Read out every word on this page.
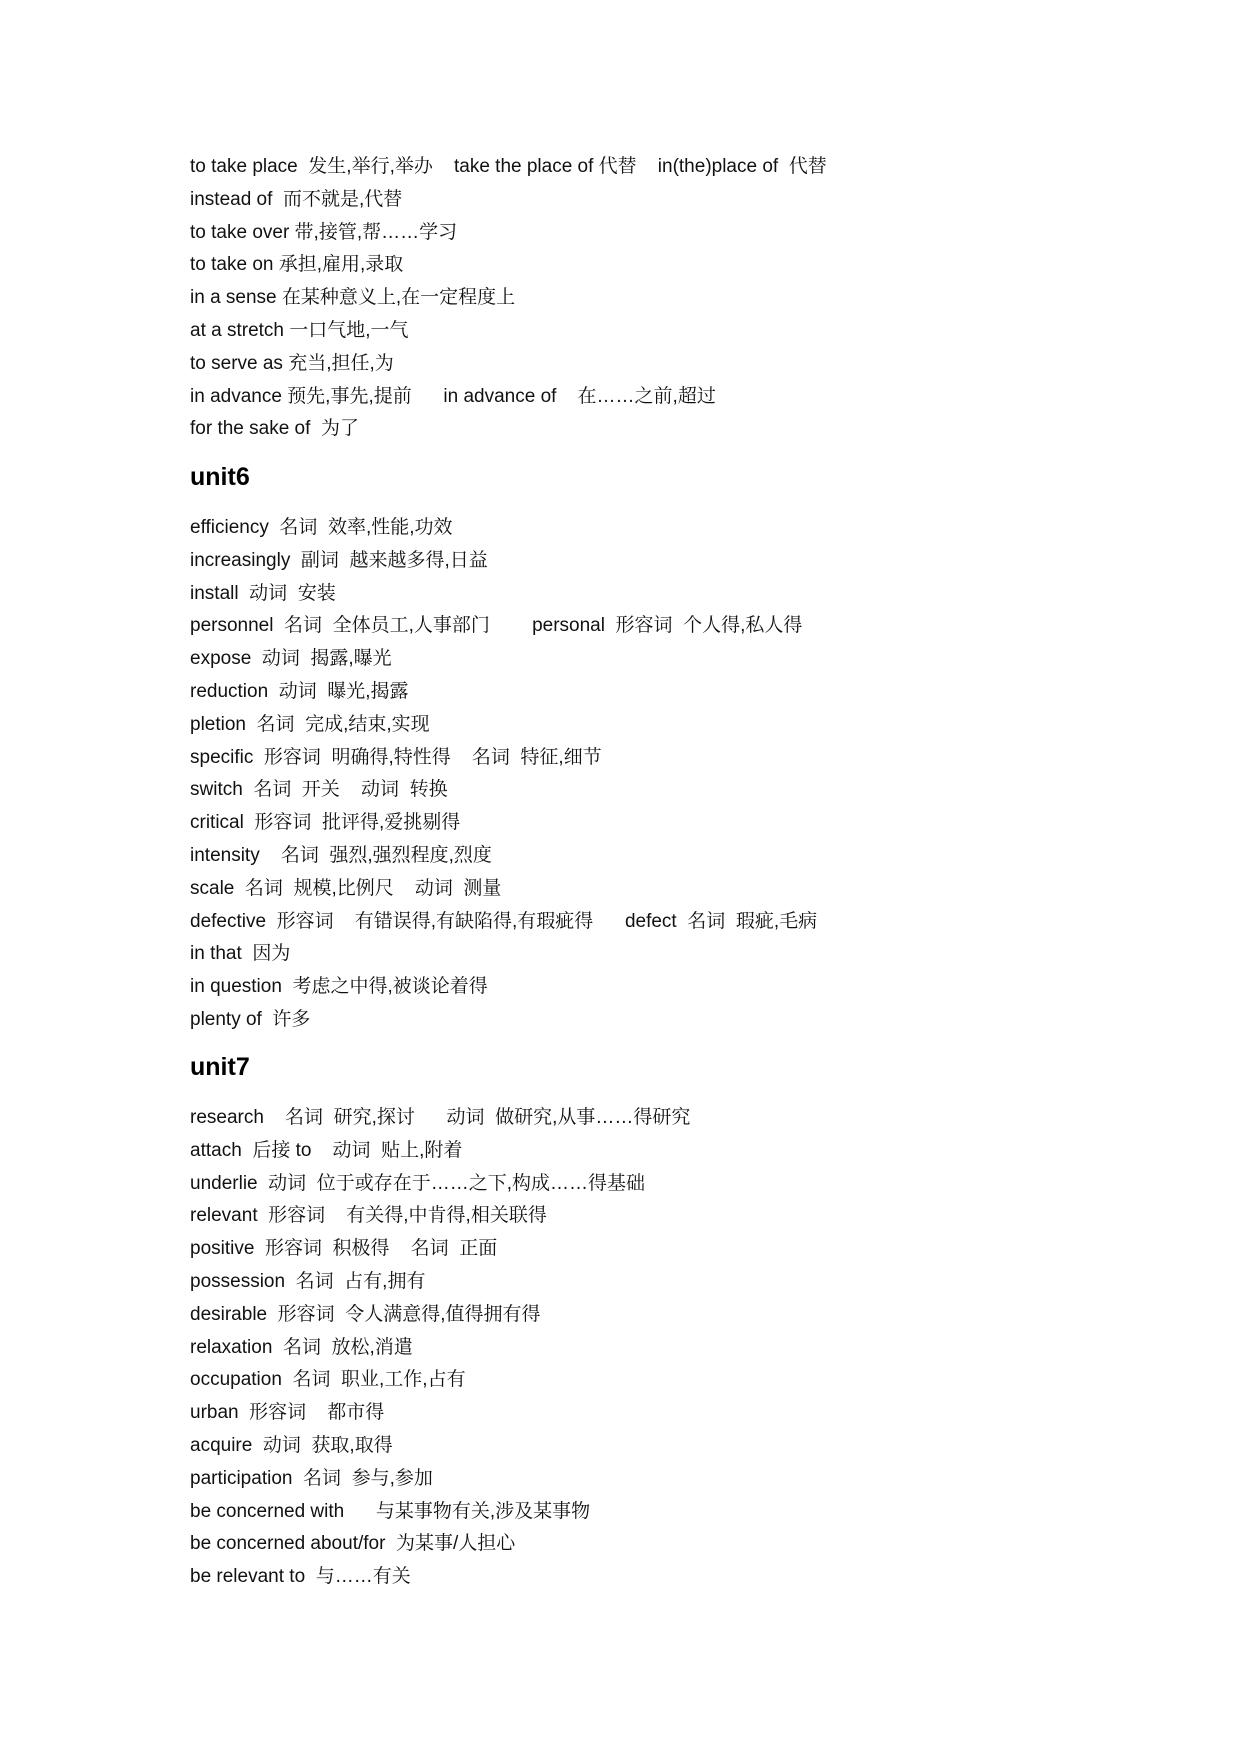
to take place  发生,举行,举办    take the place of 代替    in(the)place of  代替
instead of  而不就是,代替
to take over 带,接管,帮……学习
to take on 承担,雇用,录取
in a sense 在某种意义上,在一定程度上
at a stretch 一口气地,一气
to serve as 充当,担任,为
in advance 预先,事先,提前      in advance of    在……之前,超过
for the sake of  为了
unit6
efficiency  名词  效率,性能,功效
increasingly  副词  越来越多得,日益
install  动词  安装
personnel  名词  全体员工,人事部门        personal  形容词  个人得,私人得
expose  动词  揭露,曝光
reduction  动词  曝光,揭露
pletion  名词  完成,结束,实现
specific  形容词  明确得,特性得    名词  特征,细节
switch  名词  开关    动词  转换
critical  形容词  批评得,爱挑剔得
intensity    名词  强烈,强烈程度,烈度
scale  名词  规模,比例尺    动词  测量
defective  形容词    有错误得,有缺陷得,有瑕疵得      defect  名词  瑕疵,毛病
in that  因为
in question  考虑之中得,被谈论着得
plenty of  许多
unit7
research    名词  研究,探讨      动词  做研究,从事……得研究
attach  后接 to    动词  贴上,附着
underlie  动词  位于或存在于……之下,构成……得基础
relevant  形容词    有关得,中肯得,相关联得
positive  形容词  积极得    名词  正面
possession  名词  占有,拥有
desirable  形容词  令人满意得,值得拥有得
relaxation  名词  放松,消遣
occupation  名词  职业,工作,占有
urban  形容词    都市得
acquire  动词  获取,取得
participation  名词  参与,参加
be concerned with      与某事物有关,涉及某事物
be concerned about/for  为某事/人担心
be relevant to  与……有关
